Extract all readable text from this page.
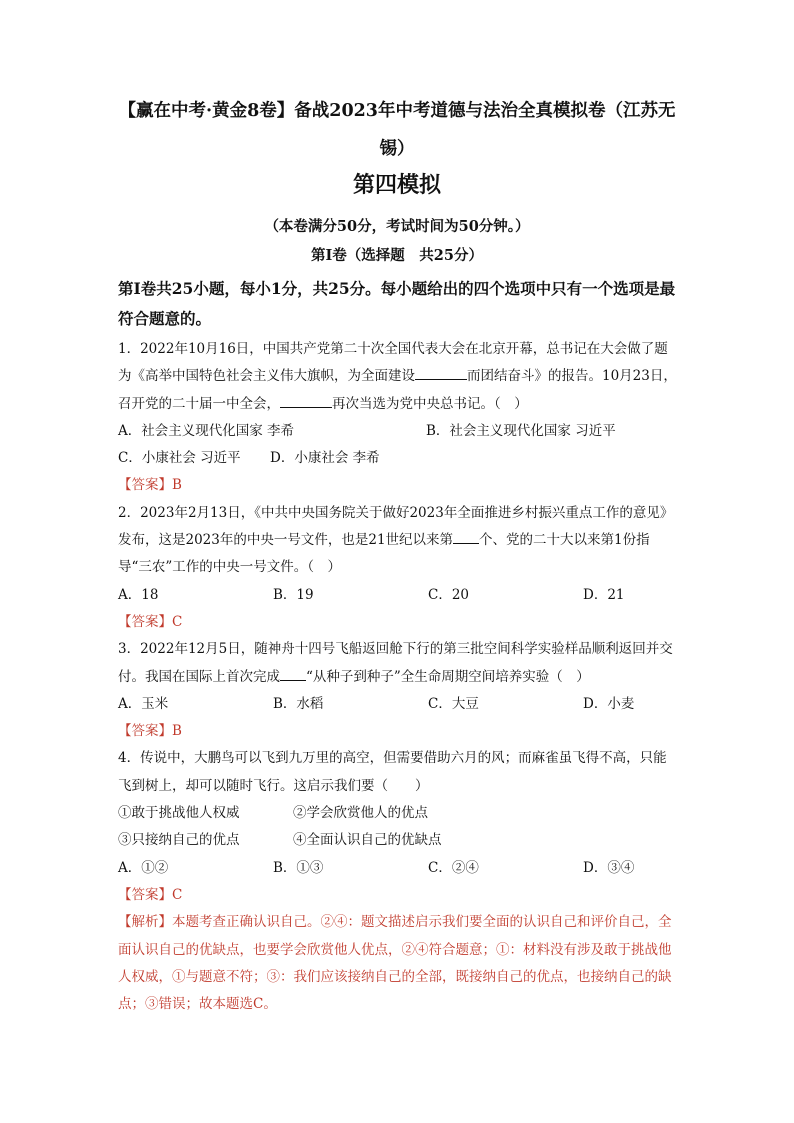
【赢在中考·黄金8卷】备战2023年中考道德与法治全真模拟卷（江苏无锡）
第四模拟
（本卷满分50分，考试时间为50分钟。）
第I卷（选择题　共25分）
第I卷共25小题，每小1分，共25分。每小题给出的四个选项中只有一个选项是最符合题意的。

1．2022年10月16日，中国共产党第二十次全国代表大会在北京开幕，总书记在大会做了题为《高举中国特色社会主义伟大旗帜，为全面建设	而团结奋斗》的报告。10月23日，召开党的二十届一中全会，	再次当选为党中央总书记。（　）

A．社会主义现代化国家 李希	B．社会主义现代化国家 习近平
C．小康社会 习近平	D．小康社会 李希

【答案】B

2．2023年2月13日，《中共中央国务院关于做好2023年全面推进乡村振兴重点工作的意见》发布，这是2023年的中央一号文件，也是21世纪以来第 个、党的二十大以来第1份指导“三农”工作的中央一号文件。（　）

A．18	B．19	C．20	D．21

【答案】C

3．2022年12月5日，随神舟十四号飞船返回舱下行的第三批空间科学实验样品顺利返回并交付。我国在国际上首次完成 “从种子到种子”全生命周期空间培养实验（　）

A．玉米	B．水稻	C．大豆	D．小麦

【答案】B

4．传说中，大鹏鸟可以飞到九万里的高空，但需要借助六月的风；而麻雀虽飞得不高，只能飞到树上，却可以随时飞行。这启示我们要（　　）

①敢于挑战他人权威	②学会欣赏他人的优点
③只接纳自己的优点	④全面认识自己的优缺点
A．①②	B．①③	C．②④	D．③④

【答案】C

【解析】本题考查正确认识自己。②④：题文描述启示我们要全面的认识自己和评价自己，全面认识自己的优缺点，也要学会欣赏他人优点，②④符合题意；①：材料没有涉及敢于挑战他人权威，①与题意不符；③：我们应该接纳自己的全部，既接纳自己的优点，也接纳自己的缺点；③错误；故本题选C。
